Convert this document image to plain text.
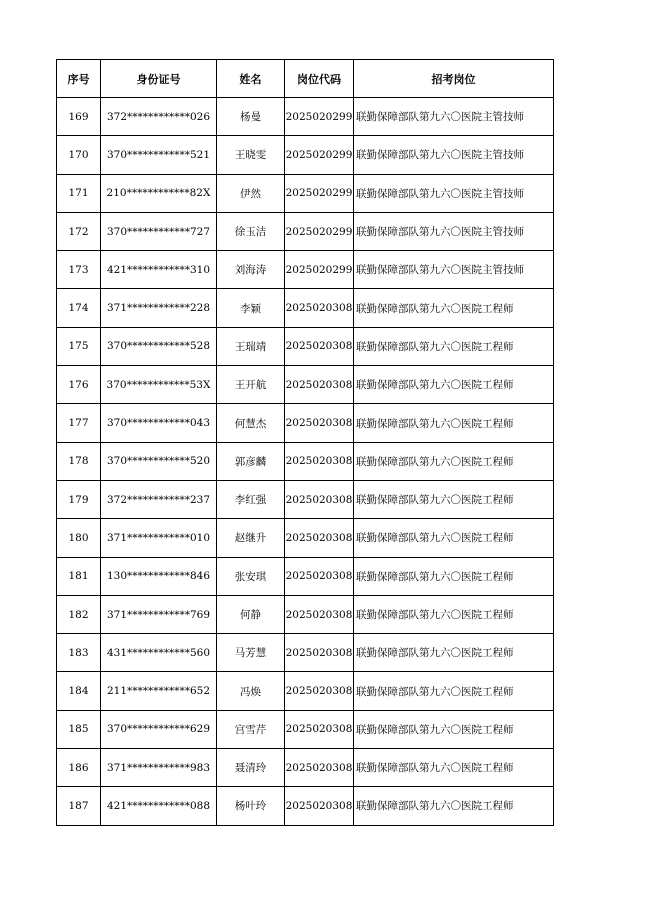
序号	身份证号	姓名	岗位代码	招考岗位
169	372************026	杨曼	2025020299	联勤保障部队第九六〇医院主管技师
170	370************521	王晓雯	2025020299	联勤保障部队第九六〇医院主管技师
171	210************82X	伊然	2025020299	联勤保障部队第九六〇医院主管技师
172	370************727	徐玉洁	2025020299	联勤保障部队第九六〇医院主管技师
173	421************310	刘海涛	2025020299	联勤保障部队第九六〇医院主管技师
174	371************228	李颖	2025020308	联勤保障部队第九六〇医院工程师
175	370************528	王瑞靖	2025020308	联勤保障部队第九六〇医院工程师
176	370************53X	王开航	2025020308	联勤保障部队第九六〇医院工程师
177	370************043	何慧杰	2025020308	联勤保障部队第九六〇医院工程师
178	370************520	郭彦麟	2025020308	联勤保障部队第九六〇医院工程师
179	372************237	李红强	2025020308	联勤保障部队第九六〇医院工程师
180	371************010	赵继升	2025020308	联勤保障部队第九六〇医院工程师
181	130************846	张安琪	2025020308	联勤保障部队第九六〇医院工程师
182	371************769	何静	2025020308	联勤保障部队第九六〇医院工程师
183	431************560	马芳慧	2025020308	联勤保障部队第九六〇医院工程师
184	211************652	冯焕	2025020308	联勤保障部队第九六〇医院工程师
185	370************629	宫雪芹	2025020308	联勤保障部队第九六〇医院工程师
186	371************983	聂清玲	2025020308	联勤保障部队第九六〇医院工程师
187	421************088	杨叶玲	2025020308	联勤保障部队第九六〇医院工程师
